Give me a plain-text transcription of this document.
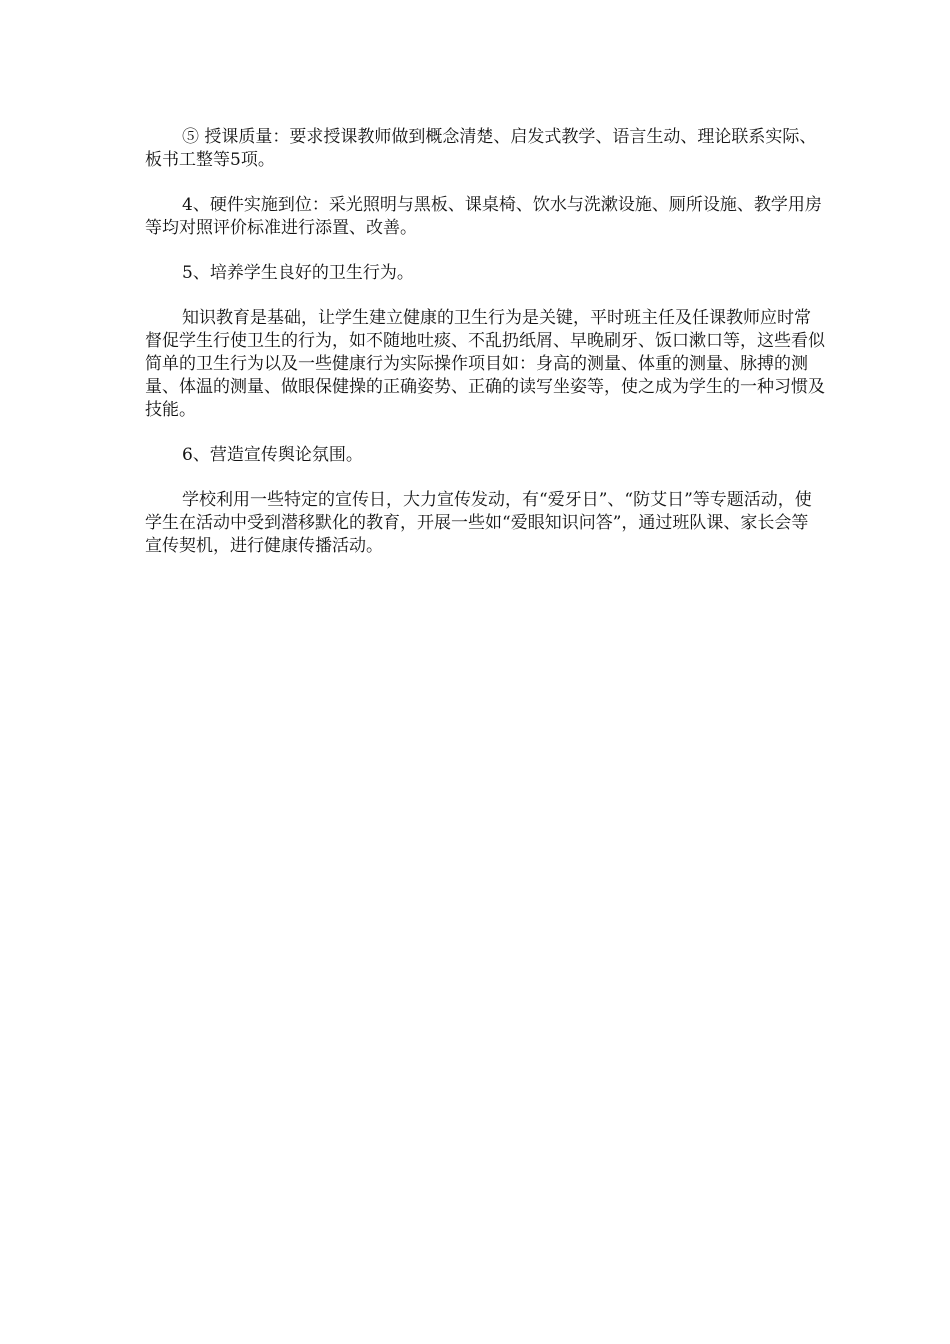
⑤ 授课质量：要求授课教师做到概念清楚、启发式教学、语言生动、理论联系实际、板书工整等5项。

4、硬件实施到位：采光照明与黑板、课桌椅、饮水与洗漱设施、厕所设施、教学用房等均对照评价标准进行添置、改善。

5、培养学生良好的卫生行为。

知识教育是基础，让学生建立健康的卫生行为是关键，平时班主任及任课教师应时常督促学生行使卫生的行为，如不随地吐痰、不乱扔纸屑、早晚刷牙、饭口漱口等，这些看似简单的卫生行为以及一些健康行为实际操作项目如：身高的测量、体重的测量、脉搏的测量、体温的测量、做眼保健操的正确姿势、正确的读写坐姿等，使之成为学生的一种习惯及技能。

6、营造宣传舆论氛围。

学校利用一些特定的宣传日，大力宣传发动，有“爱牙日”、“防艾日”等专题活动，使学生在活动中受到潜移默化的教育，开展一些如“爱眼知识问答”，通过班队课、家长会等宣传契机，进行健康传播活动。
